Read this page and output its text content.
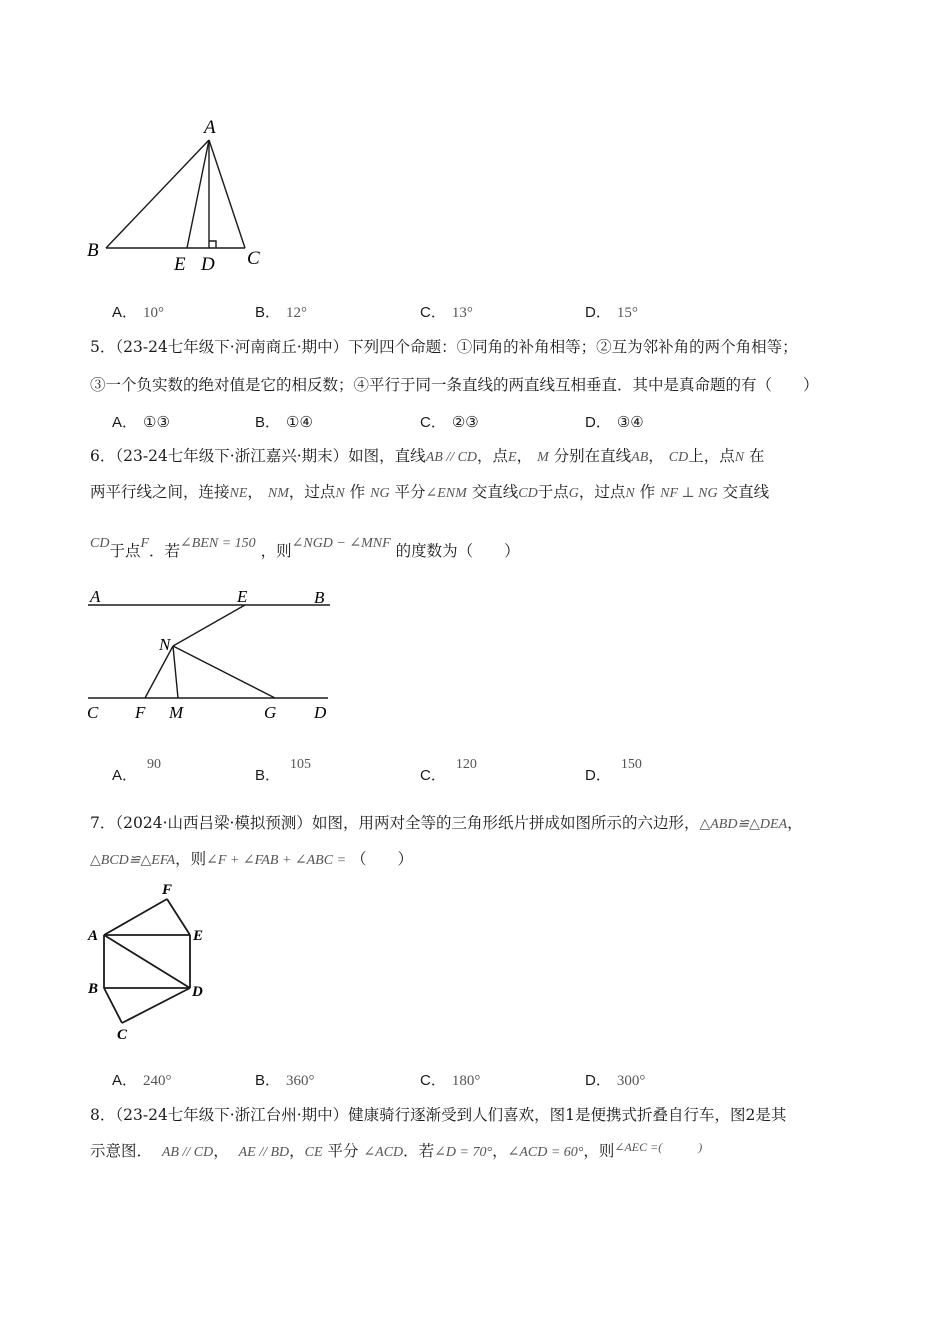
A
B
E D C
A． 10°	B． 12°	C． 13°	D． 15°
5．（23-24七年级下·河南商丘·期中）下列四个命题：①同角的补角相等；②互为邻补角的两个角相等；
③一个负实数的绝对值是它的相反数；④平行于同一条直线的两直线互相垂直．其中是真命题的有（　　）
A． ①③	B． ①④	C． ②③	D． ③④
6．（23-24七年级下·浙江嘉兴·期末）如图，直线AB // CD，点E， M 分别在直线AB， CD上，点N 在
两平行线之间，连接NE， NM，过点N 作 NG 平分∠ENM 交直线CD于点G，过点N 作 NF ⊥ NG 交直线
CD于点F．若∠BEN = 150 ，则∠NGD − ∠MNF 的度数为（　　）
A	E	B
N
C F M	G D
A．90
B．105
C．120
D．150
7．（2024·山西吕梁·模拟预测）如图，用两对全等的三角形纸片拼成如图所示的六边形，△ABD≌△DEA，
△BCD≌△EFA，则∠F + ∠FAB + ∠ABC = （　　）
F
A	E
B	D
C
A． 240°	B． 360°	C． 180°	D． 300°
8．（23-24七年级下·浙江台州·期中）健康骑行逐渐受到人们喜欢，图1是便携式折叠自行车，图2是其
示意图． AB // CD， AE // BD，CE 平分 ∠ACD．若∠D = 70°，∠ACD = 60°，则$^{\angle AEC =( )}$
